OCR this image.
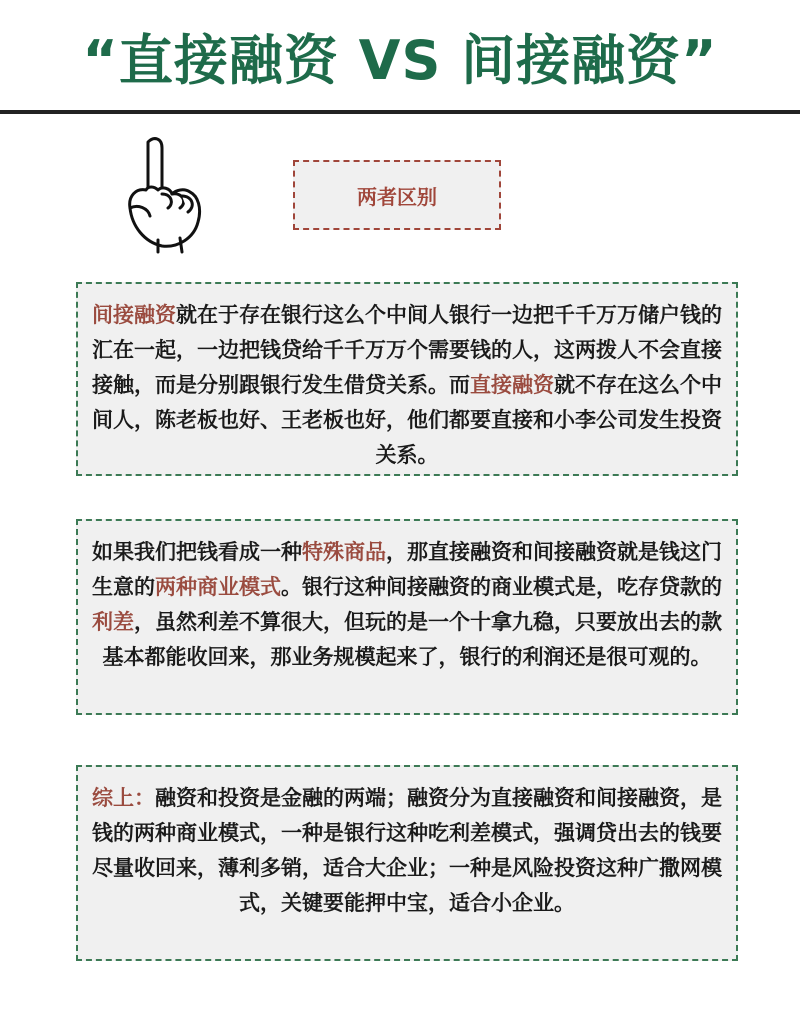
“直接融资 VS 间接融资”
两者区别

间接融资就在于存在银行这么个中间人银行一边把千千万万储户钱的汇在一起，一边把钱贷给千千万万个需要钱的人，这两拨人不会直接接触，而是分别跟银行发生借贷关系。而直接融资就不存在这么个中间人，陈老板也好、王老板也好，他们都要直接和小李公司发生投资关系。

如果我们把钱看成一种特殊商品，那直接融资和间接融资就是钱这门生意的两种商业模式。银行这种间接融资的商业模式是，吃存贷款的利差，虽然利差不算很大，但玩的是一个十拿九稳，只要放出去的款基本都能收回来，那业务规模起来了，银行的利润还是很可观的。

综上：融资和投资是金融的两端；融资分为直接融资和间接融资，是钱的两种商业模式，一种是银行这种吃利差模式，强调贷出去的钱要尽量收回来，薄利多销，适合大企业；一种是风险投资这种广撒网模式，关键要能押中宝，适合小企业。
